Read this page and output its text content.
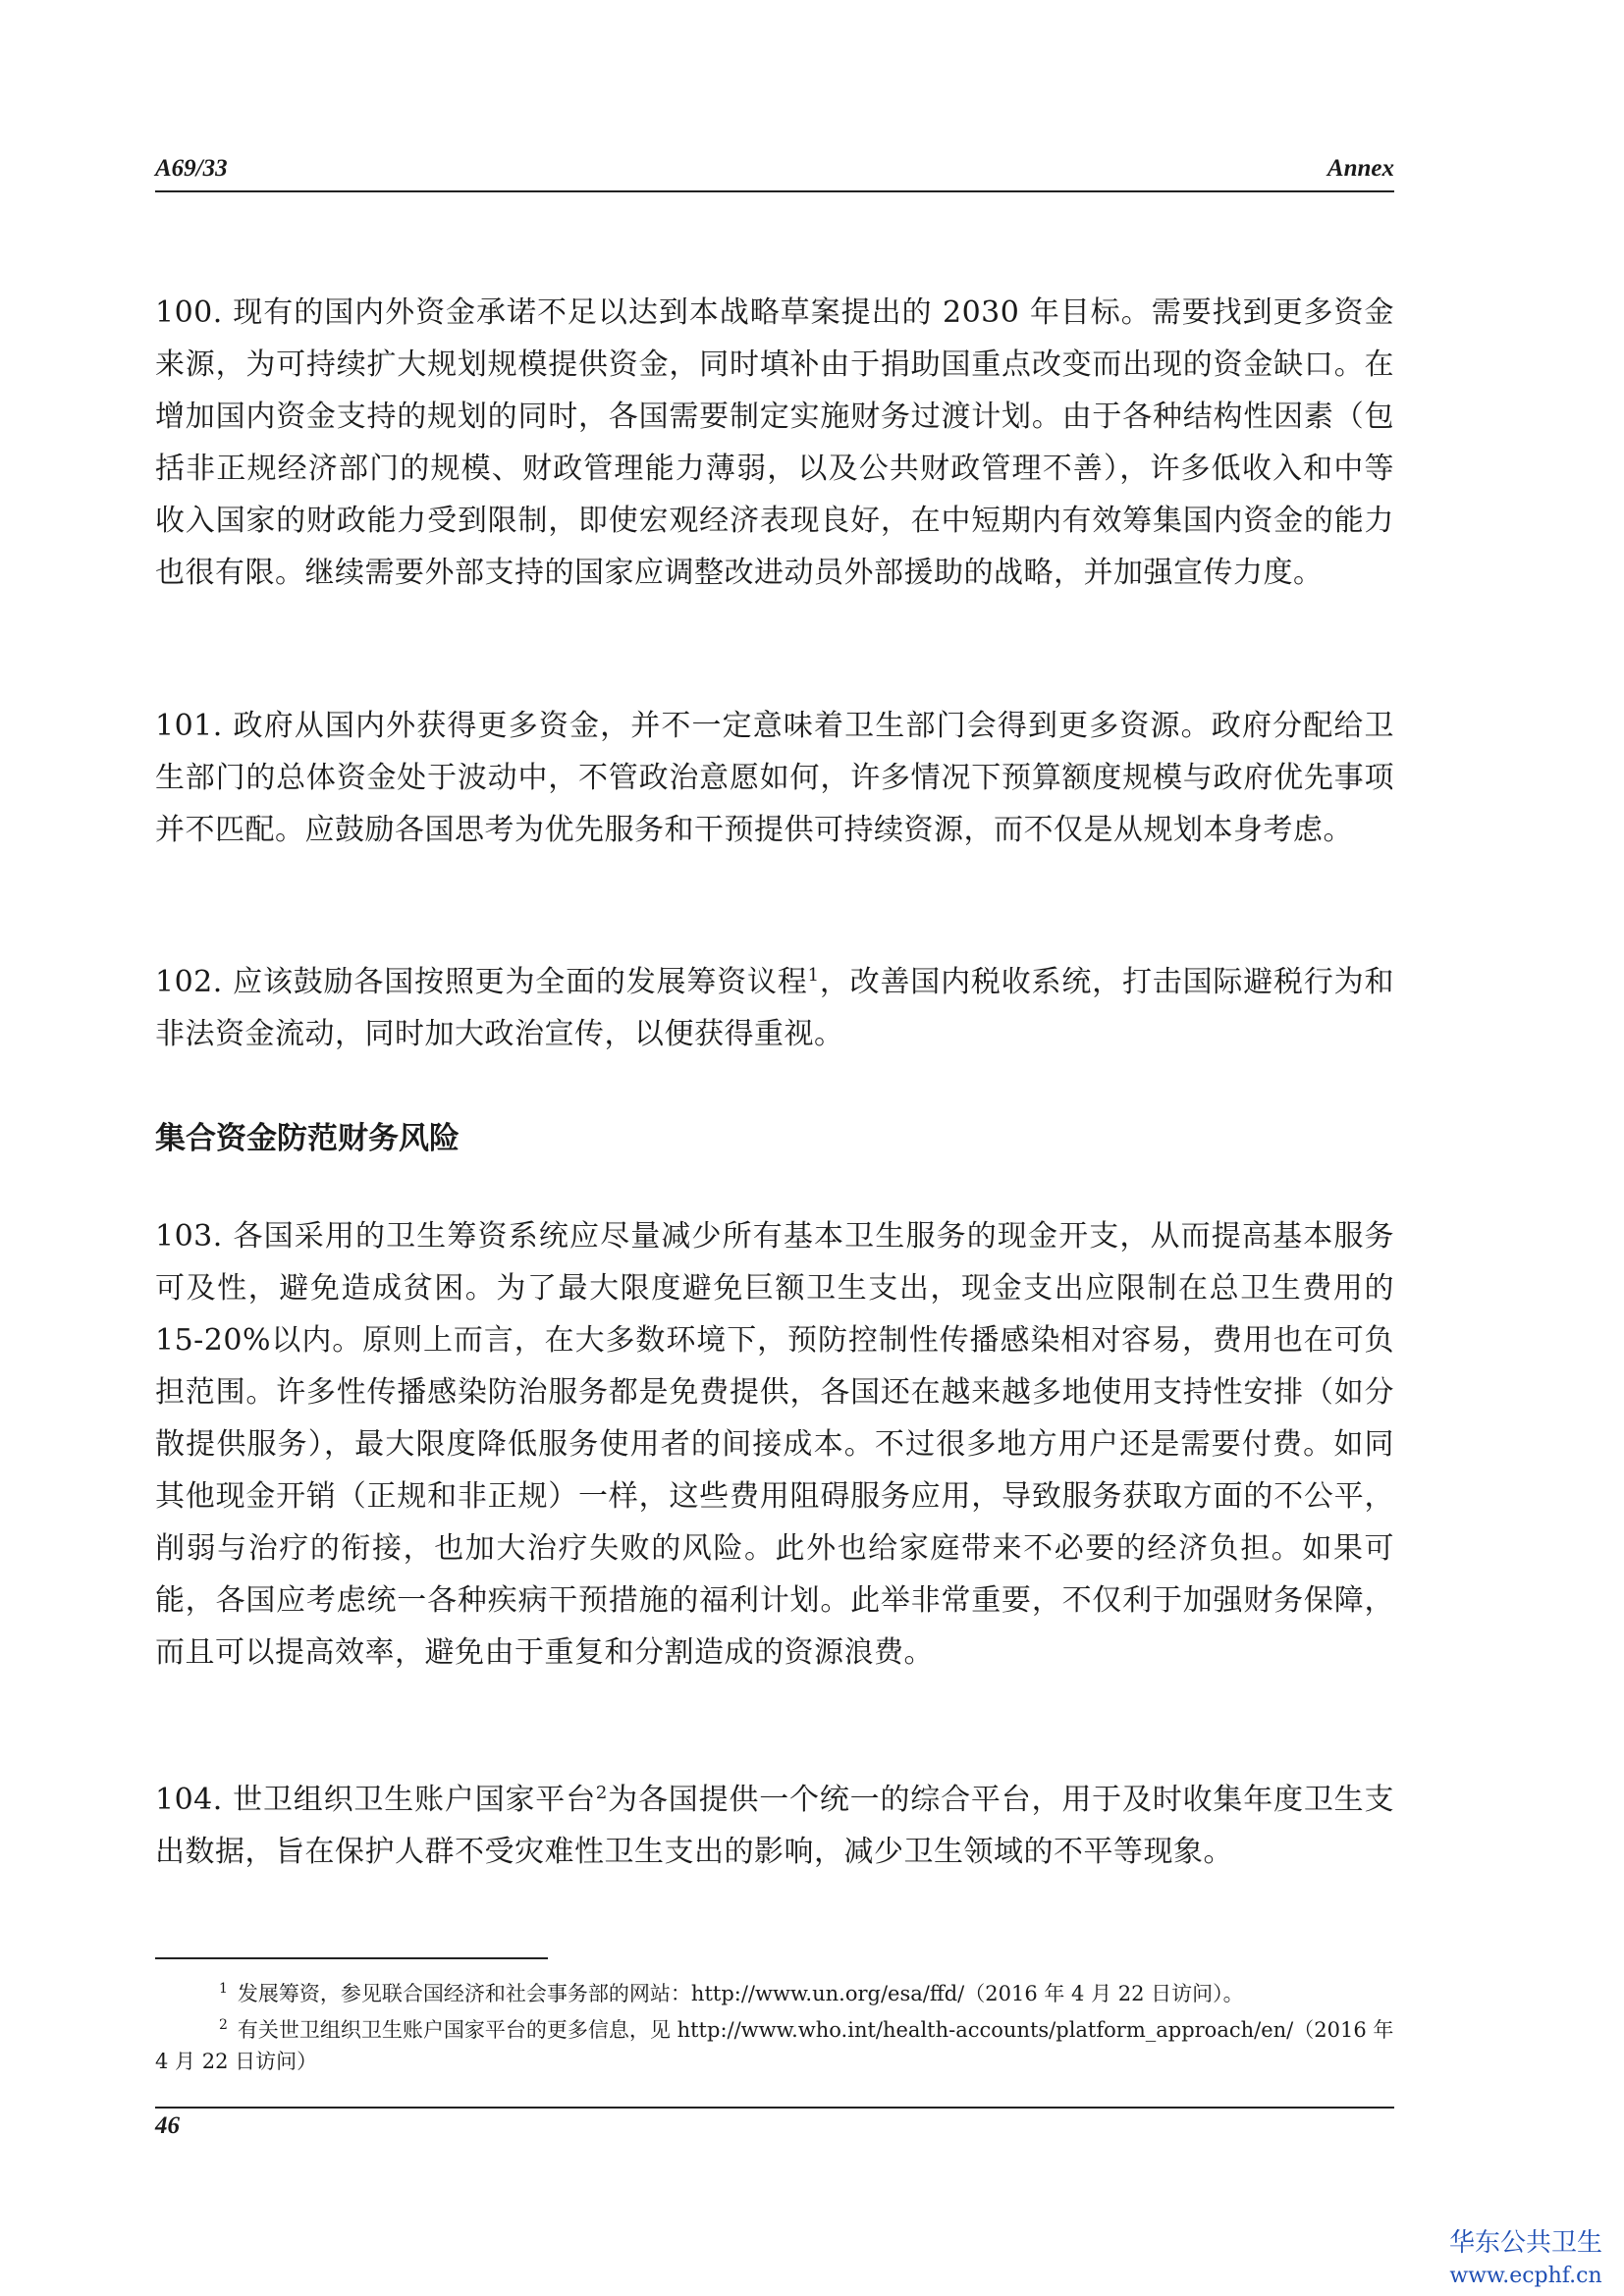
A69/33	Annex

100. 现有的国内外资金承诺不足以达到本战略草案提出的 2030 年目标。需要找到更多资金来源，为可持续扩大规划规模提供资金，同时填补由于捐助国重点改变而出现的资金缺口。在增加国内资金支持的规划的同时，各国需要制定实施财务过渡计划。由于各种结构性因素（包括非正规经济部门的规模、财政管理能力薄弱，以及公共财政管理不善），许多低收入和中等收入国家的财政能力受到限制，即使宏观经济表现良好，在中短期内有效筹集国内资金的能力也很有限。继续需要外部支持的国家应调整改进动员外部援助的战略，并加强宣传力度。

101. 政府从国内外获得更多资金，并不一定意味着卫生部门会得到更多资源。政府分配给卫生部门的总体资金处于波动中，不管政治意愿如何，许多情况下预算额度规模与政府优先事项并不匹配。应鼓励各国思考为优先服务和干预提供可持续资源，而不仅是从规划本身考虑。

102. 应该鼓励各国按照更为全面的发展筹资议程$^1$，改善国内税收系统，打击国际避税行为和非法资金流动，同时加大政治宣传，以便获得重视。

集合资金防范财务风险

103. 各国采用的卫生筹资系统应尽量减少所有基本卫生服务的现金开支，从而提高基本服务可及性，避免造成贫困。为了最大限度避免巨额卫生支出，现金支出应限制在总卫生费用的 15-20%以内。原则上而言，在大多数环境下，预防控制性传播感染相对容易，费用也在可负担范围。许多性传播感染防治服务都是免费提供，各国还在越来越多地使用支持性安排（如分散提供服务），最大限度降低服务使用者的间接成本。不过很多地方用户还是需要付费。如同其他现金开销（正规和非正规）一样，这些费用阻碍服务应用，导致服务获取方面的不公平，削弱与治疗的衔接，也加大治疗失败的风险。此外也给家庭带来不必要的经济负担。如果可能，各国应考虑统一各种疾病干预措施的福利计划。此举非常重要，不仅利于加强财务保障，而且可以提高效率，避免由于重复和分割造成的资源浪费。

104. 世卫组织卫生账户国家平台$^2$为各国提供一个统一的综合平台，用于及时收集年度卫生支出数据，旨在保护人群不受灾难性卫生支出的影响，减少卫生领域的不平等现象。

$^1$ 发展筹资，参见联合国经济和社会事务部的网站：http://www.un.org/esa/ffd/（2016 年 4 月 22 日访问）。

$^2$ 有关世卫组织卫生账户国家平台的更多信息，见 http://www.who.int/health-accounts/platform_approach/en/（2016 年 4 月 22 日访问）

46
华东公共卫生
www.ecphf.cn
